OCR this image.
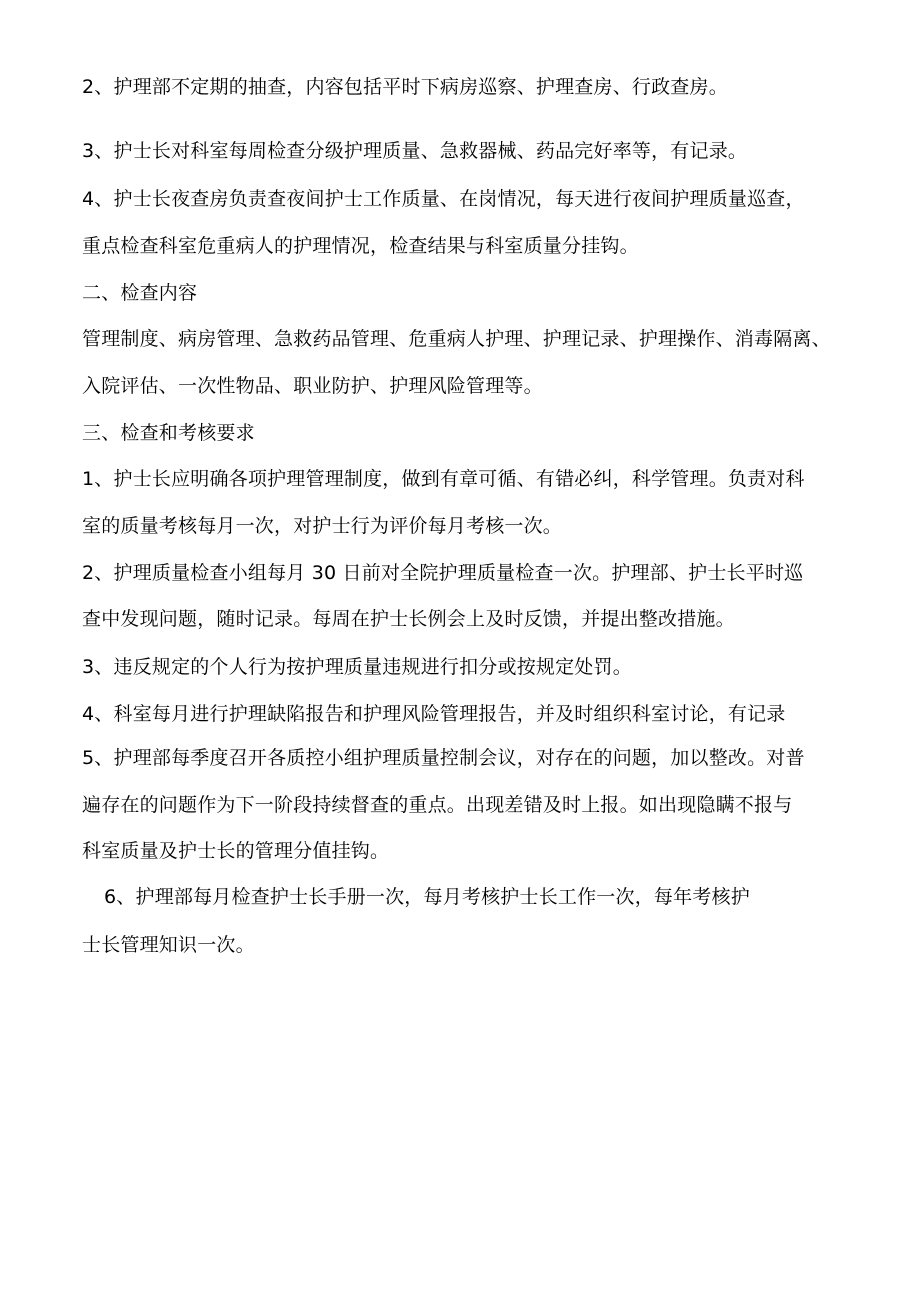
2、护理部不定期的抽查，内容包括平时下病房巡察、护理查房、行政查房。
3、护士长对科室每周检查分级护理质量、急救器械、药品完好率等，有记录。
4、护士长夜查房负责查夜间护士工作质量、在岗情况，每天进行夜间护理质量巡查，
重点检查科室危重病人的护理情况，检查结果与科室质量分挂钩。
二、检查内容
管理制度、病房管理、急救药品管理、危重病人护理、护理记录、护理操作、消毒隔离、
入院评估、一次性物品、职业防护、护理风险管理等。
三、检查和考核要求
1、护士长应明确各项护理管理制度，做到有章可循、有错必纠，科学管理。负责对科
室的质量考核每月一次，对护士行为评价每月考核一次。
2、护理质量检查小组每月 30 日前对全院护理质量检查一次。护理部、护士长平时巡
查中发现问题，随时记录。每周在护士长例会上及时反馈，并提出整改措施。
3、违反规定的个人行为按护理质量违规进行扣分或按规定处罚。
4、科室每月进行护理缺陷报告和护理风险管理报告，并及时组织科室讨论，有记录
5、护理部每季度召开各质控小组护理质量控制会议，对存在的问题，加以整改。对普
遍存在的问题作为下一阶段持续督查的重点。出现差错及时上报。如出现隐瞒不报与
科室质量及护士长的管理分值挂钩。
6、护理部每月检查护士长手册一次，每月考核护士长工作一次，每年考核护
士长管理知识一次。
